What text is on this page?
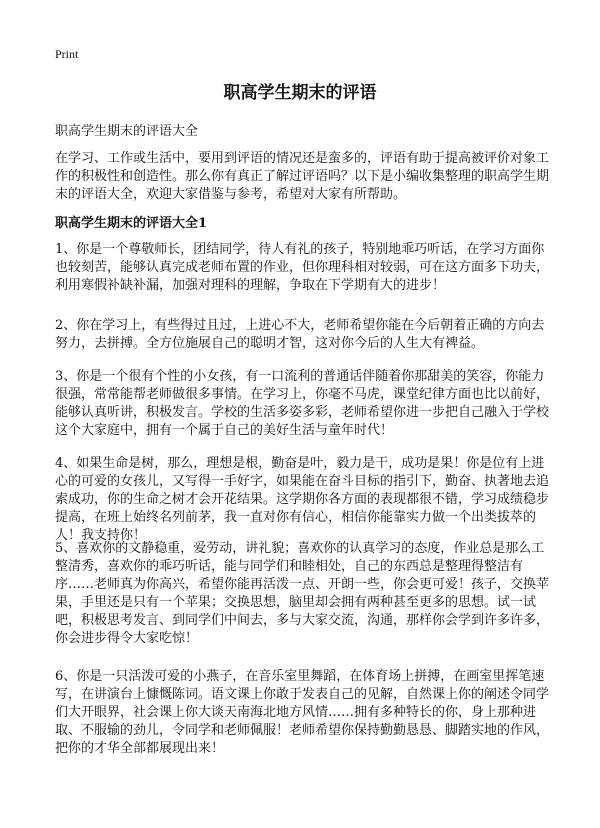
Print
职高学生期末的评语
职高学生期末的评语大全
在学习、工作或生活中，要用到评语的情况还是蛮多的，评语有助于提高被评价对象工作的积极性和创造性。那么你有真正了解过评语吗？以下是小编收集整理的职高学生期末的评语大全，欢迎大家借鉴与参考，希望对大家有所帮助。
职高学生期末的评语大全1

1、你是一个尊敬师长，团结同学，待人有礼的孩子，特别地乖巧听话，在学习方面你也较刻苦，能够认真完成老师布置的作业，但你理科相对较弱，可在这方面多下功夫，利用寒假补缺补漏，加强对理科的理解，争取在下学期有大的进步！

2、你在学习上，有些得过且过，上进心不大，老师希望你能在今后朝着正确的方向去努力，去拼搏。全方位施展自己的聪明才智，这对你今后的人生大有裨益。

3、你是一个很有个性的小女孩，有一口流利的普通话伴随着你那甜美的笑容，你能力很强，常常能帮老师做很多事情。在学习上，你毫不马虎，课堂纪律方面也比以前好，能够认真听讲，积极发言。学校的生活多姿多彩，老师希望你进一步把自己融入于学校这个大家庭中，拥有一个属于自己的美好生活与童年时代！

4、如果生命是树，那么，理想是根，勤奋是叶，毅力是干，成功是果！你是位有上进心的可爱的女孩儿，又写得一手好字，如果能在奋斗目标的指引下，勤奋、执著地去追索成功，你的生命之树才会开花结果。这学期你各方面的表现都很不错，学习成绩稳步提高，在班上始终名列前茅，我一直对你有信心，相信你能靠实力做一个出类拔萃的人！我支持你！

5、喜欢你的文静稳重，爱劳动，讲礼貌；喜欢你的认真学习的态度，作业总是那么工整清秀，喜欢你的乖巧听话，能与同学们和睦相处，自己的东西总是整理得整洁有序……老师真为你高兴，希望你能再活泼一点、开朗一些，你会更可爱！孩子，交换苹果，手里还是只有一个苹果；交换思想，脑里却会拥有两种甚至更多的思想。试一试吧，积极思考发言、到同学们中间去，多与大家交流，沟通，那样你会学到许多许多，你会进步得令大家吃惊！

6、你是一只活泼可爱的小燕子，在音乐室里舞蹈，在体育场上拼搏，在画室里挥笔速写，在讲演台上慷慨陈词。语文课上你敢于发表自己的见解，自然课上你的阐述令同学们大开眼界，社会课上你大谈天南海北地方风情……拥有多种特长的你，身上那种进取、不服输的劲儿，令同学和老师佩服！老师希望你保持勤勤恳恳、脚踏实地的作风，把你的才华全部都展现出来！
